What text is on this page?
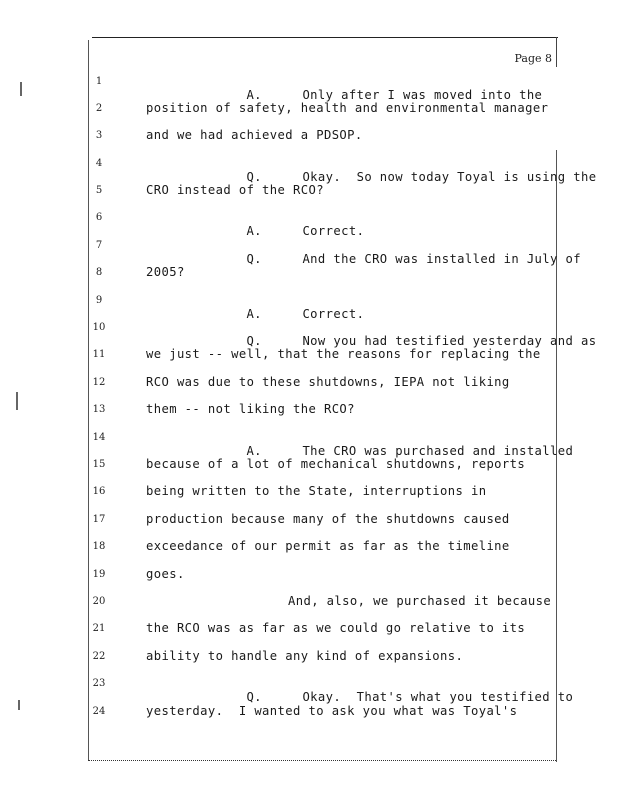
Page 8
1
2
3
4
5
6
7
8
9
10
11
12
13
14
15
16
17
18
19
20
21
22
23
24

A.	Only after I was moved into the

position of safety, health and environmental manager
and we had achieved a PDSOP.

Q.	Okay.  So now today Toyal is using the

CRO instead of the RCO?

A.	Correct.

Q.	And the CRO was installed in July of

2005?

A.	Correct.

Q.	Now you had testified yesterday and as

we just -- well, that the reasons for replacing the
RCO was due to these shutdowns, IEPA not liking
them -- not liking the RCO?

A.	The CRO was purchased and installed

because of a lot of mechanical shutdowns, reports
being written to the State, interruptions in
production because many of the shutdowns caused
exceedance of our permit as far as the timeline
goes.
And, also, we purchased it because
the RCO was as far as we could go relative to its
ability to handle any kind of expansions.

Q.	Okay.  That's what you testified to

yesterday.  I wanted to ask you what was Toyal's
